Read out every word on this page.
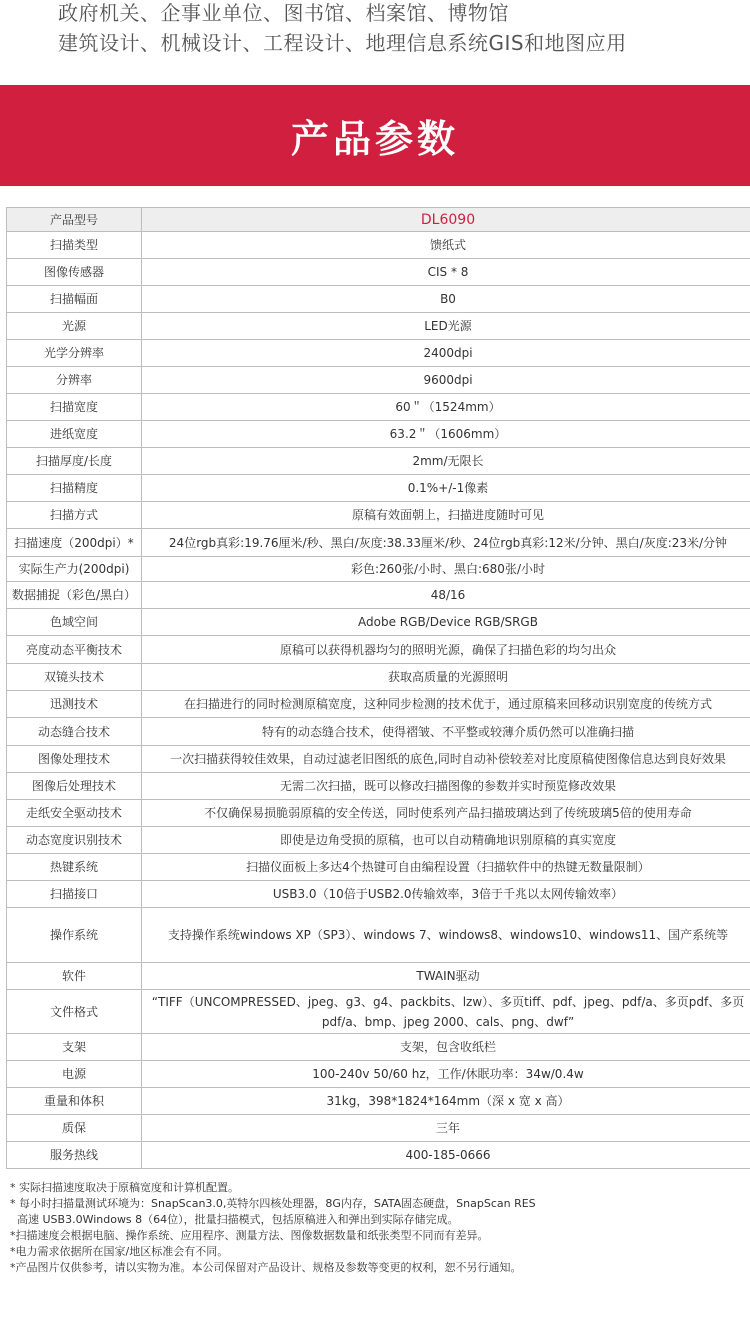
政府机关、企事业单位、图书馆、档案馆、博物馆
建筑设计、机械设计、工程设计、地理信息系统GIS和地图应用
产品参数
产品型号	DL6090
扫描类型	馈纸式
图像传感器	CIS * 8
扫描幅面	B0
光源	LED光源
光学分辨率	2400dpi
分辨率	9600dpi
扫描宽度	60＂（1524mm）
进纸宽度	63.2＂（1606mm）
扫描厚度/长度	2mm/无限长
扫描精度	0.1%+/-1像素
扫描方式	原稿有效面朝上，扫描进度随时可见
扫描速度（200dpi）*	24位rgb真彩:19.76厘米/秒、黑白/灰度:38.33厘米/秒、24位rgb真彩:12米/分钟、黑白/灰度:23米/分钟
实际生产力(200dpi)	彩色:260张/小时、黑白:680张/小时
数据捕捉（彩色/黑白）	48/16
色域空间	Adobe RGB/Device RGB/SRGB
亮度动态平衡技术	原稿可以获得机器均匀的照明光源，确保了扫描色彩的均匀出众
双镜头技术	获取高质量的光源照明
迅测技术	在扫描进行的同时检测原稿宽度，这种同步检测的技术优于，通过原稿来回移动识别宽度的传统方式
动态缝合技术	特有的动态缝合技术，使得褶皱、不平整或较薄介质仍然可以准确扫描
图像处理技术	一次扫描获得较佳效果，自动过滤老旧图纸的底色,同时自动补偿较差对比度原稿使图像信息达到良好效果
图像后处理技术	无需二次扫描，既可以修改扫描图像的参数并实时预览修改效果
走纸安全驱动技术	不仅确保易损脆弱原稿的安全传送，同时使系列产品扫描玻璃达到了传统玻璃5倍的使用寿命
动态宽度识别技术	即使是边角受损的原稿，也可以自动精确地识别原稿的真实宽度
热键系统	扫描仪面板上多达4个热键可自由编程设置（扫描软件中的热键无数量限制）
扫描接口	USB3.0（10倍于USB2.0传输效率，3倍于千兆以太网传输效率）
操作系统	支持操作系统windows XP（SP3）、windows 7、windows8、windows10、windows11、国产系统等
软件	TWAIN驱动
文件格式	“TIFF（UNCOMPRESSED、jpeg、g3、g4、packbits、lzw）、多页tiff、pdf、jpeg、pdf/a、多页pdf、多页pdf/a、bmp、jpeg 2000、cals、png、dwf”
支架	支架，包含收纸栏
电源	100-240v 50/60 hz，工作/休眠功率：34w/0.4w
重量和体积	31kg，398*1824*164mm（深 x 宽 x 高）
质保	三年
服务热线	400-185-0666
* 实际扫描速度取决于原稿宽度和计算机配置。
* 每小时扫描量测试环境为：SnapScan3.0,英特尔四核处理器，8G内存，SATA固态硬盘，SnapScan RES
高速 USB3.0Windows 8（64位），批量扫描模式，包括原稿进入和弹出到实际存储完成。
*扫描速度会根据电脑、操作系统、应用程序、测量方法、图像数据数量和纸张类型不同而有差异。
*电力需求依据所在国家/地区标准会有不同。
*产品图片仅供参考，请以实物为准。本公司保留对产品设计、规格及参数等变更的权利，恕不另行通知。
